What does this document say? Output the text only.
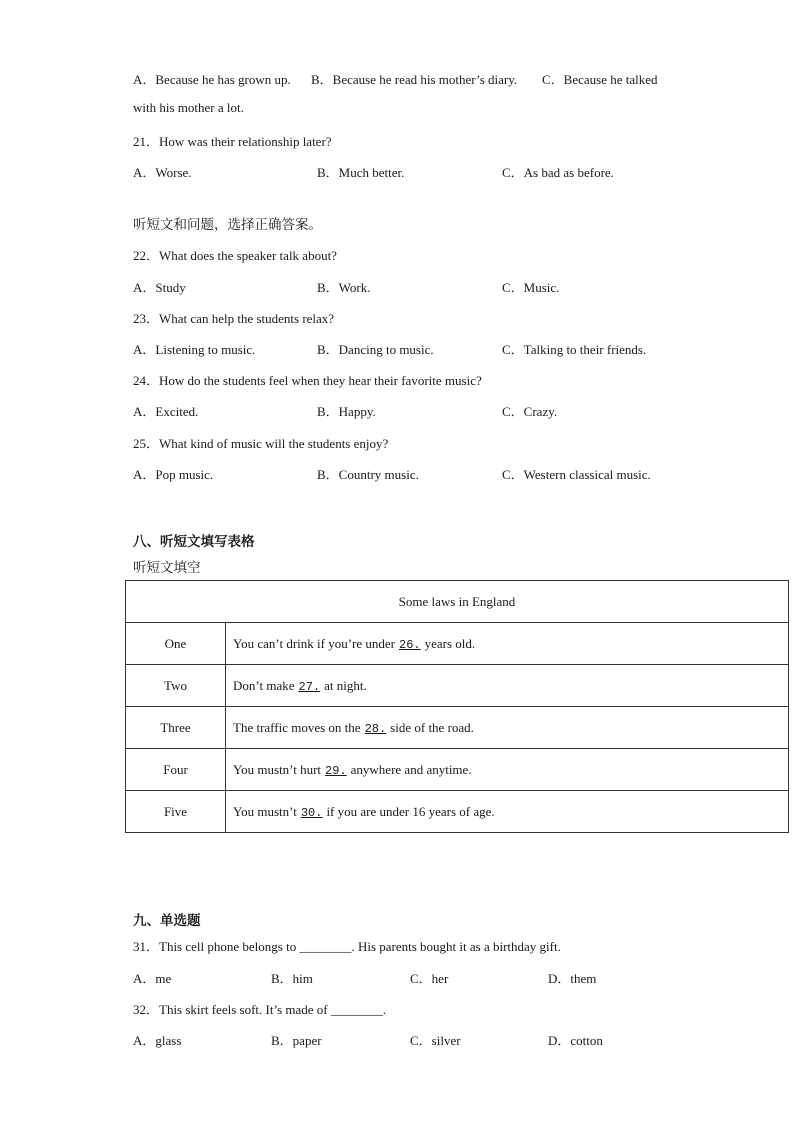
A．Because he has grown up. B．Because he read his mother’s diary. C．Because he talked
with his mother a lot.
21．How was their relationship later?
A．Worse.	B．Much better.	C．As bad as before.
听短文和问题，选择正确答案。
22．What does the speaker talk about?
A．Study	B．Work.	C．Music.
23．What can help the students relax?
A．Listening to music.	B．Dancing to music.	C．Talking to their friends.
24．How do the students feel when they hear their favorite music?
A．Excited.	B．Happy.	C．Crazy.
25．What kind of music will the students enjoy?
A．Pop music.	B．Country music.	C．Western classical music.
八、听短文填写表格
听短文填空
Some laws in England	
One	You can’t drink if you’re under 26. years old.
Two	Don’t make 27. at night.
Three	The traffic moves on the 28. side of the road.
Four	You mustn’t hurt 29. anywhere and anytime.
Five	You mustn’t 30. if you are under 16 years of age.
九、单选题
31．This cell phone belongs to ________. His parents bought it as a birthday gift.
A．me	B．him	C．her	D．them
32．This skirt feels soft. It’s made of ________.
A．glass	B．paper	C．silver	D．cotton
